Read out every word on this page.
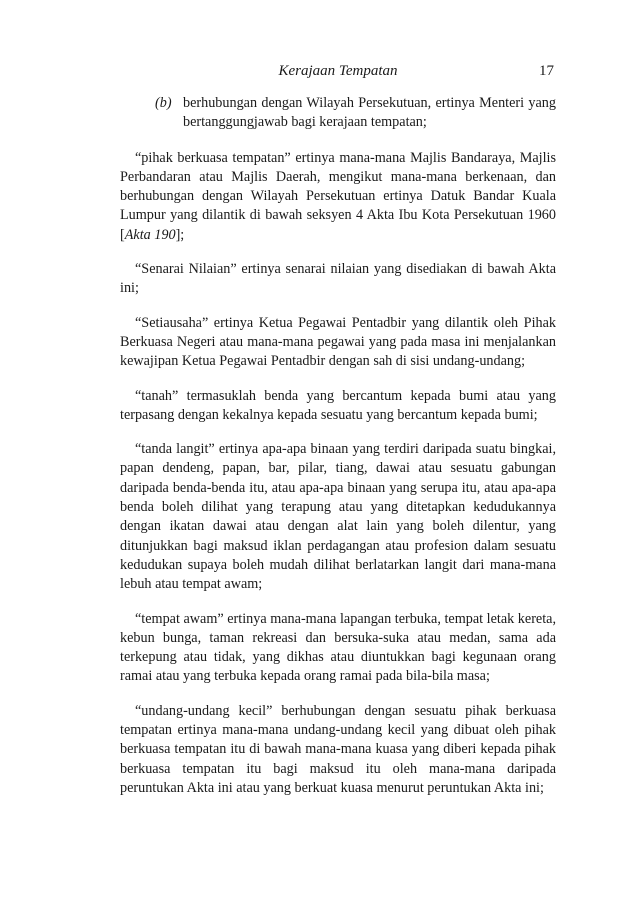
Kerajaan Tempatan	17

(b) berhubungan dengan Wilayah Persekutuan, ertinya Menteri yang bertanggungjawab bagi kerajaan tempatan;

“pihak berkuasa tempatan” ertinya mana-mana Majlis Bandaraya, Majlis Perbandaran atau Majlis Daerah, mengikut mana-mana berkenaan, dan berhubungan dengan Wilayah Persekutuan ertinya Datuk Bandar Kuala Lumpur yang dilantik di bawah seksyen 4 Akta Ibu Kota Persekutuan 1960 [Akta 190];

“Senarai Nilaian” ertinya senarai nilaian yang disediakan di bawah Akta ini;

“Setiausaha” ertinya Ketua Pegawai Pentadbir yang dilantik oleh Pihak Berkuasa Negeri atau mana-mana pegawai yang pada masa ini menjalankan kewajipan Ketua Pegawai Pentadbir dengan sah di sisi undang-undang;

“tanah” termasuklah benda yang bercantum kepada bumi atau yang terpasang dengan kekalnya kepada sesuatu yang bercantum kepada bumi;

“tanda langit” ertinya apa-apa binaan yang terdiri daripada suatu bingkai, papan dendeng, papan, bar, pilar, tiang, dawai atau sesuatu gabungan daripada benda-benda itu, atau apa-apa binaan yang serupa itu, atau apa-apa benda boleh dilihat yang terapung atau yang ditetapkan kedudukannya dengan ikatan dawai atau dengan alat lain yang boleh dilentur, yang ditunjukkan bagi maksud iklan perdagangan atau profesion dalam sesuatu kedudukan supaya boleh mudah dilihat berlatarkan langit dari mana-mana lebuh atau tempat awam;

“tempat awam” ertinya mana-mana lapangan terbuka, tempat letak kereta, kebun bunga, taman rekreasi dan bersuka-suka atau medan, sama ada terkepung atau tidak, yang dikhas atau diuntukkan bagi kegunaan orang ramai atau yang terbuka kepada orang ramai pada bila-bila masa;

“undang-undang kecil” berhubungan dengan sesuatu pihak berkuasa tempatan ertinya mana-mana undang-undang kecil yang dibuat oleh pihak berkuasa tempatan itu di bawah mana-mana kuasa yang diberi kepada pihak berkuasa tempatan itu bagi maksud itu oleh mana-mana daripada peruntukan Akta ini atau yang berkuat kuasa menurut peruntukan Akta ini;
